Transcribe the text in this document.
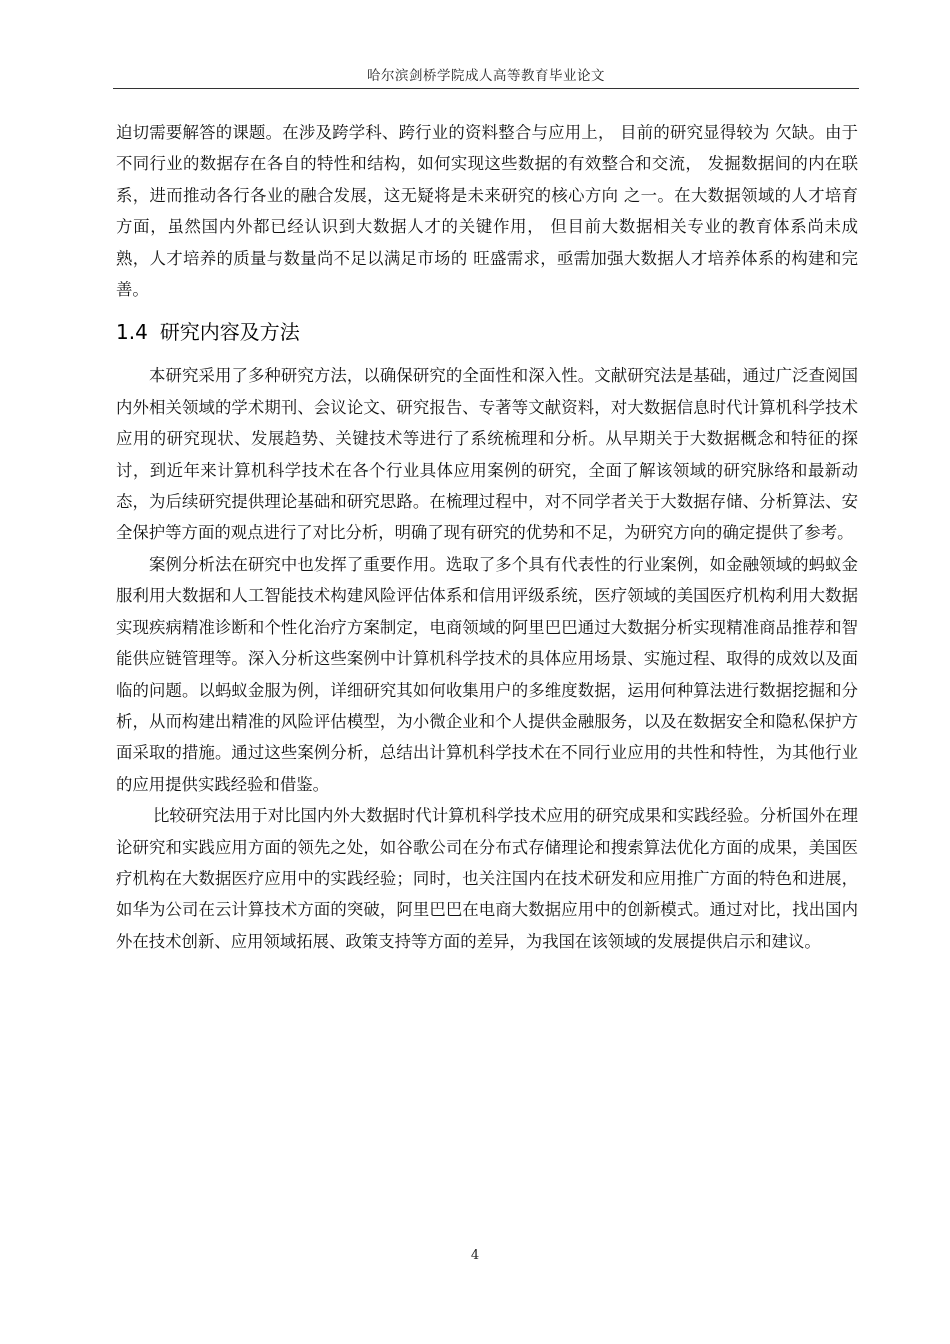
哈尔滨剑桥学院成人高等教育毕业论文

迫切需要解答的课题。在涉及跨学科、跨行业的资料整合与应用上， 目前的研究显得较为 欠缺。由于不同行业的数据存在各自的特性和结构，如何实现这些数据的有效整合和交流， 发掘数据间的内在联系，进而推动各行各业的融合发展，这无疑将是未来研究的核心方向 之一。在大数据领域的人才培育方面，虽然国内外都已经认识到大数据人才的关键作用， 但目前大数据相关专业的教育体系尚未成熟，人才培养的质量与数量尚不足以满足市场的 旺盛需求，亟需加强大数据人才培养体系的构建和完善。

1.4 研究内容及方法

本研究采用了多种研究方法，以确保研究的全面性和深入性。文献研究法是基础，通过广泛查阅国内外相关领域的学术期刊、会议论文、研究报告、专著等文献资料，对大数据信息时代计算机科学技术应用的研究现状、发展趋势、关键技术等进行了系统梳理和分析。从早期关于大数据概念和特征的探讨，到近年来计算机科学技术在各个行业具体应用案例的研究，全面了解该领域的研究脉络和最新动态，为后续研究提供理论基础和研究思路。在梳理过程中，对不同学者关于大数据存储、分析算法、安全保护等方面的观点进行了对比分析，明确了现有研究的优势和不足，为研究方向的确定提供了参考。

案例分析法在研究中也发挥了重要作用。选取了多个具有代表性的行业案例，如金融领域的蚂蚁金服利用大数据和人工智能技术构建风险评估体系和信用评级系统，医疗领域的美国医疗机构利用大数据实现疾病精准诊断和个性化治疗方案制定，电商领域的阿里巴巴通过大数据分析实现精准商品推荐和智能供应链管理等。深入分析这些案例中计算机科学技术的具体应用场景、实施过程、取得的成效以及面临的问题。以蚂蚁金服为例，详细研究其如何收集用户的多维度数据，运用何种算法进行数据挖掘和分析，从而构建出精准的风险评估模型，为小微企业和个人提供金融服务，以及在数据安全和隐私保护方面采取的措施。通过这些案例分析，总结出计算机科学技术在不同行业应用的共性和特性，为其他行业的应用提供实践经验和借鉴。

比较研究法用于对比国内外大数据时代计算机科学技术应用的研究成果和实践经验。分析国外在理论研究和实践应用方面的领先之处，如谷歌公司在分布式存储理论和搜索算法优化方面的成果，美国医疗机构在大数据医疗应用中的实践经验；同时，也关注国内在技术研发和应用推广方面的特色和进展，如华为公司在云计算技术方面的突破，阿里巴巴在电商大数据应用中的创新模式。通过对比，找出国内外在技术创新、应用领域拓展、政策支持等方面的差异，为我国在该领域的发展提供启示和建议。

4
